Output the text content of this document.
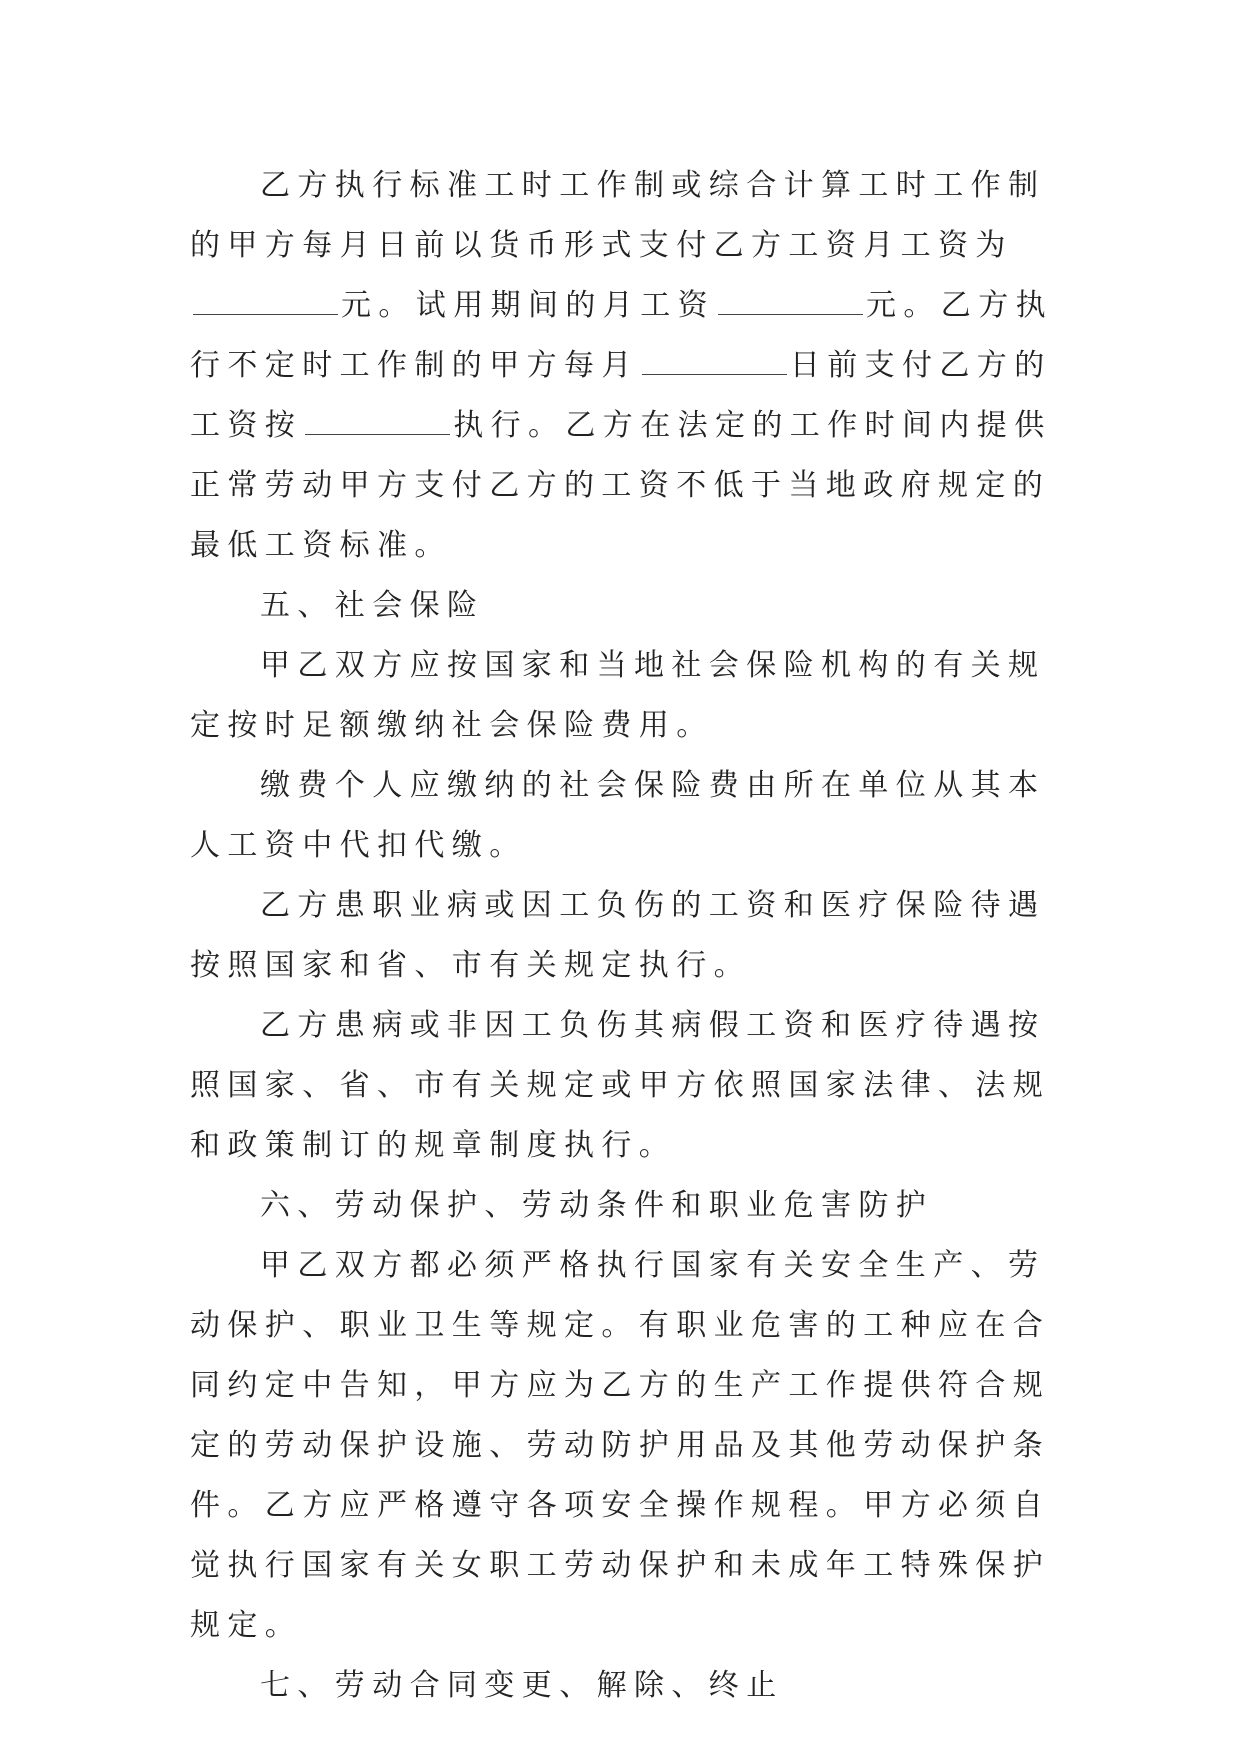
乙方执行标准工时工作制或综合计算工时工作制的甲方每月日前以货币形式支付乙方工资月工资为元。试用期间的月工资	元。乙方执行不定时工作制的甲方每月	日前支付乙方的工资按	执行。乙方在法定的工作时间内提供正常劳动甲方支付乙方的工资不低于当地政府规定的最低工资标准。

五、社会保险

甲乙双方应按国家和当地社会保险机构的有关规定按时足额缴纳社会保险费用。

缴费个人应缴纳的社会保险费由所在单位从其本人工资中代扣代缴。

乙方患职业病或因工负伤的工资和医疗保险待遇按照国家和省、市有关规定执行。

乙方患病或非因工负伤其病假工资和医疗待遇按照国家、省、市有关规定或甲方依照国家法律、法规和政策制订的规章制度执行。

六、劳动保护、劳动条件和职业危害防护

甲乙双方都必须严格执行国家有关安全生产、劳动保护、职业卫生等规定。有职业危害的工种应在合同约定中告知，甲方应为乙方的生产工作提供符合规定的劳动保护设施、劳动防护用品及其他劳动保护条件。乙方应严格遵守各项安全操作规程。甲方必须自觉执行国家有关女职工劳动保护和未成年工特殊保护规定。

七、劳动合同变更、解除、终止
